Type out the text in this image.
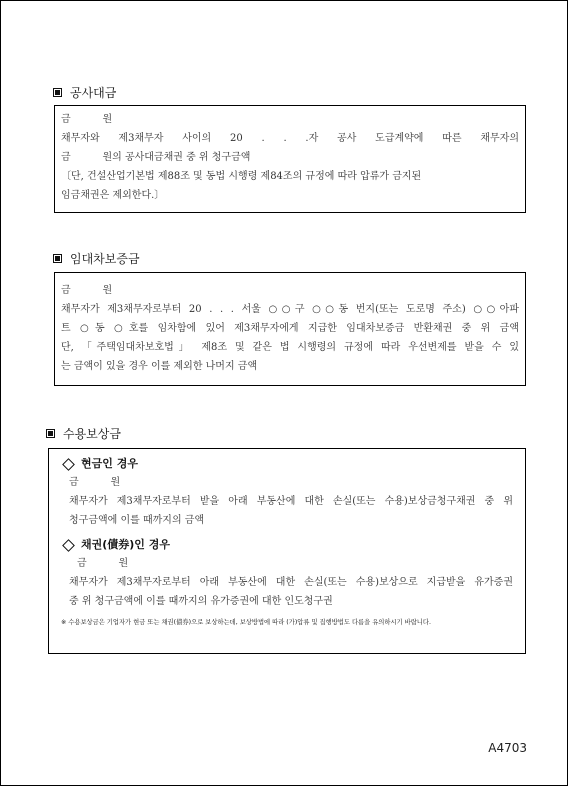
공사대금
금          원
채무자와 제3채무자 사이의 20 . . .자 공사 도급계약에 따른 채무자의
금          원의 공사대금채권 중 위 청구금액
〔단, 건설산업기본법 제88조 및 동법 시행령 제84조의 규정에 따라 압류가 금지된
임금채권은 제외한다.〕
임대차보증금
금          원
채무자가 제3채무자로부터 20 . . . 서울 ○○구 ○○동 번지(또는 도로명 주소) ○○아파
트 ○동 ○호를 임차함에 있어 제3채무자에게 지급한 임대차보증금 반환채권 중 위 금액
단, 「주택임대차보호법」 제8조 및 같은 법 시행령의 규정에 따라 우선변제를 받을 수 있
는 금액이 있을 경우 이를 제외한 나머지 금액
수용보상금
현금인 경우
금          원
채무자가 제3채무자로부터 받을 아래 부동산에 대한 손실(또는 수용)보상금청구채권 중 위
청구금액에 이를 때까지의 금액
채권(債券)인 경우
금          원
채무자가 제3채무자로부터 아래 부동산에 대한 손실(또는 수용)보상으로 지급받을 유가증권
중 위 청구금액에 이를 때까지의 유가증권에 대한 인도청구권
※ 수용보상금은 기업자가 현금 또는 채권(債券)으로 보상하는데, 보상방법에 따라 (가)압류 및 집행방법도 다름을 유의하시기 바랍니다.
A4703
